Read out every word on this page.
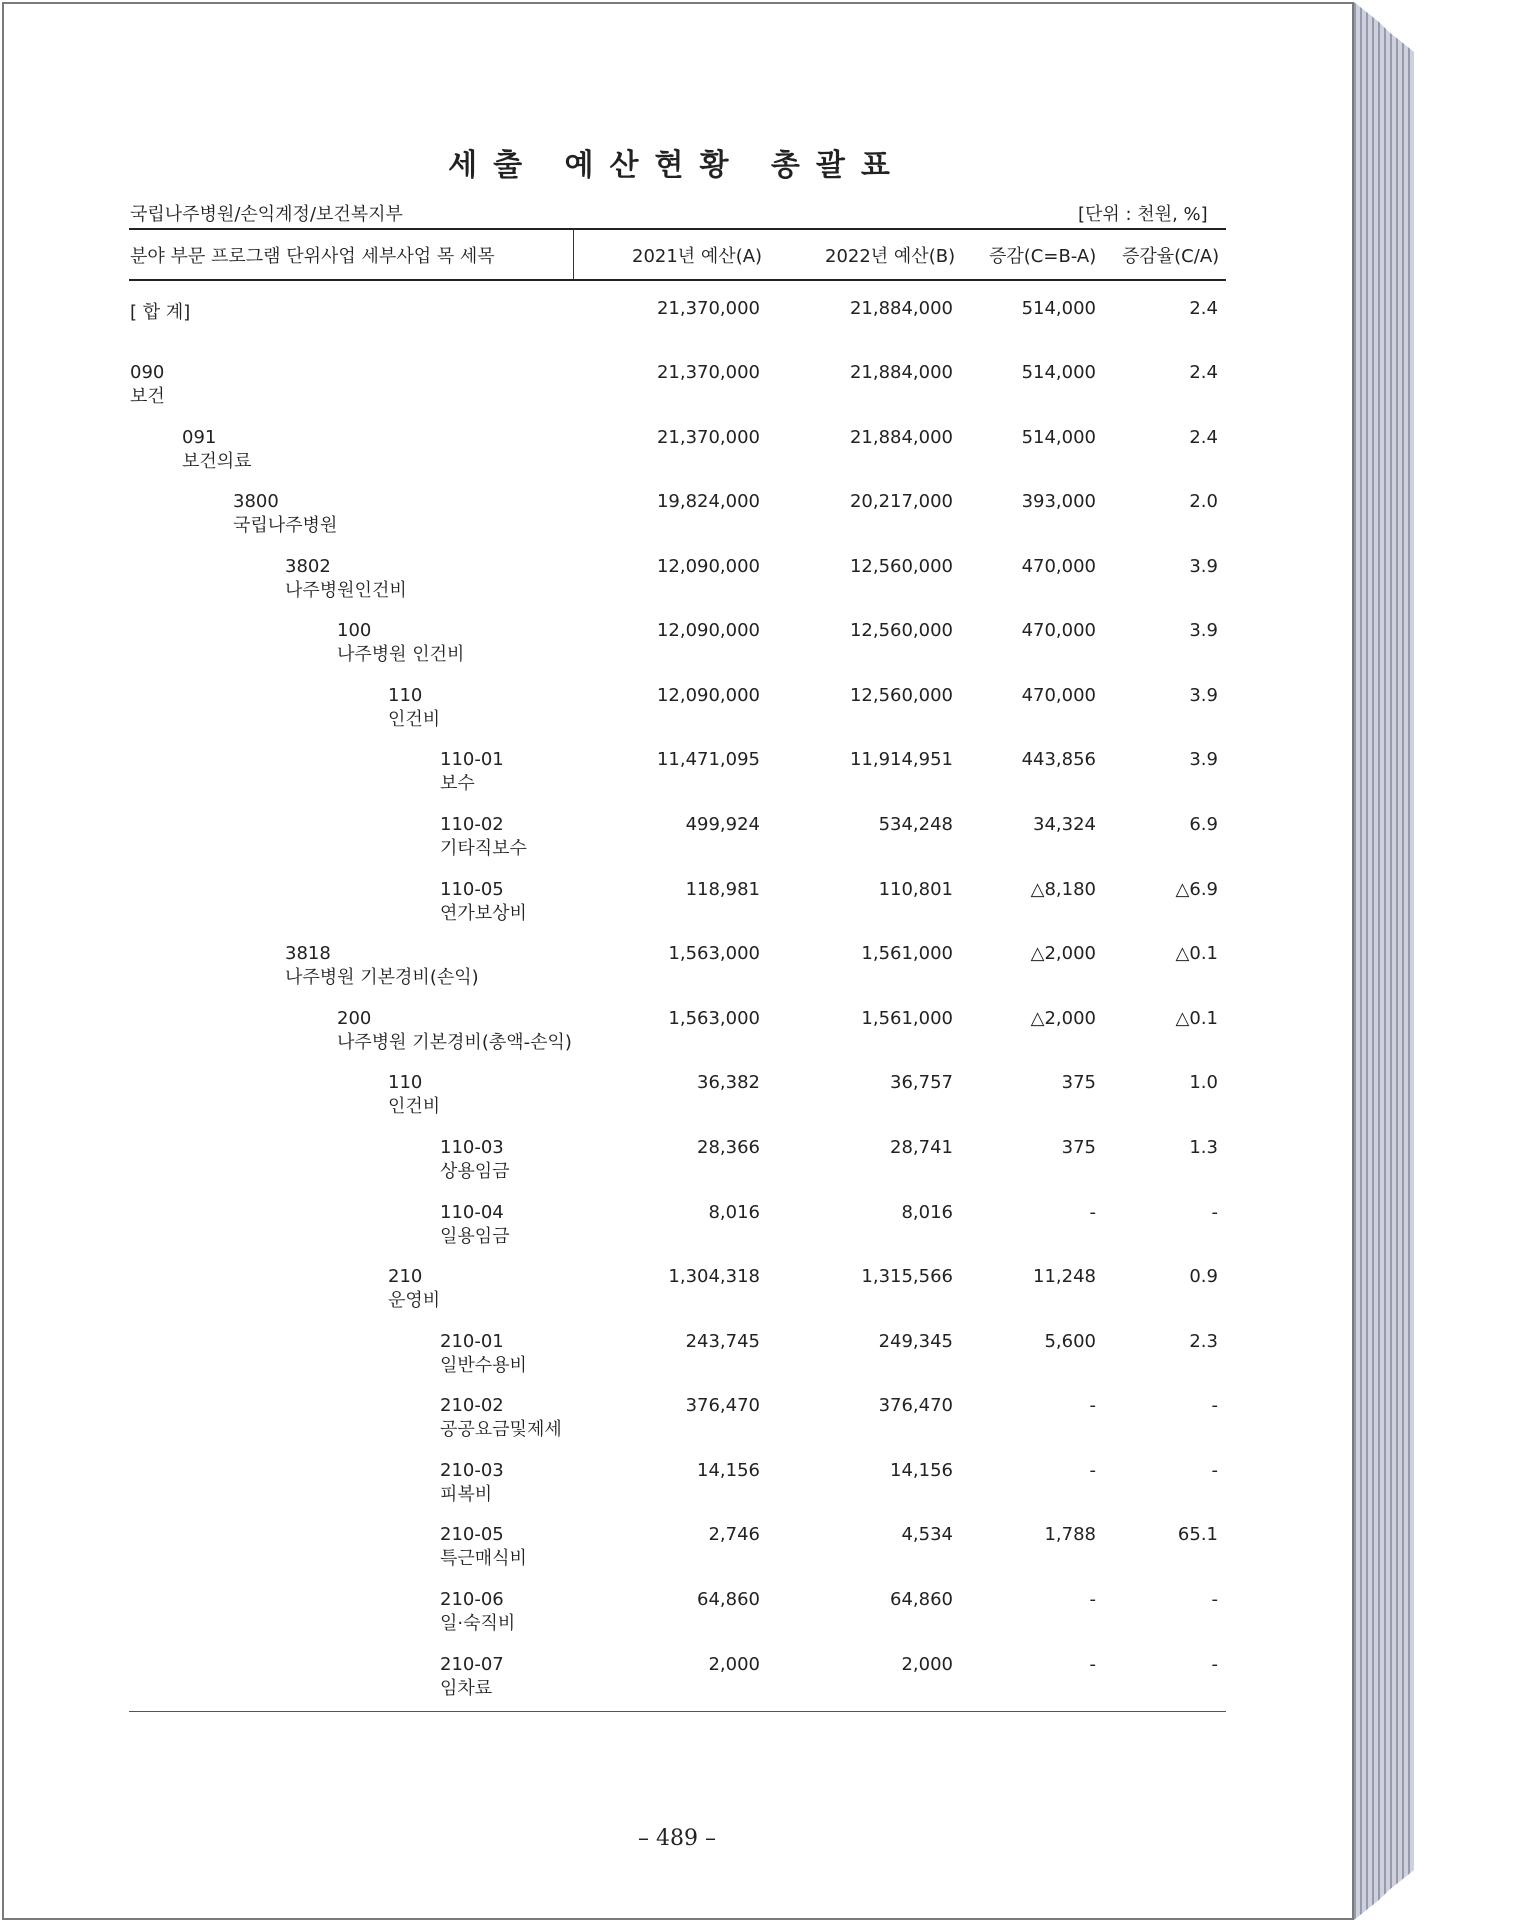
세출 예산현황 총괄표
국립나주병원/손익계정/보건복지부	[단위 : 천원, %]
분야 부문 프로그램 단위사업 세부사업 목 세목	2021년 예산(A)	2022년 예산(B) 증감(C=B-A) 증감율(C/A)
[ 합 계]	21,370,000	21,884,000	514,000	2.4
090
보건
21,370,000	21,884,000	514,000	2.4
091
보건의료
21,370,000	21,884,000	514,000	2.4
3800
국립나주병원
19,824,000	20,217,000	393,000	2.0
3802
나주병원인건비
12,090,000	12,560,000	470,000	3.9
100
나주병원 인건비
12,090,000	12,560,000	470,000	3.9
110
인건비
12,090,000	12,560,000	470,000	3.9
110-01
보수
11,471,095	11,914,951	443,856	3.9
110-02
기타직보수
499,924	534,248	34,324	6.9
110-05
연가보상비
118,981	110,801	△8,180	△6.9
3818
나주병원 기본경비(손익)
1,563,000	1,561,000	△2,000	△0.1
200
나주병원 기본경비(총액-손익)
1,563,000	1,561,000	△2,000	△0.1
110
인건비
36,382	36,757	375	1.0
110-03
상용임금
28,366	28,741	375	1.3
110-04
일용임금
8,016	8,016	-	-
210
운영비
1,304,318	1,315,566	11,248	0.9
210-01
일반수용비
243,745	249,345	5,600	2.3
210-02
공공요금및제세
376,470	376,470	-	-
210-03
피복비
14,156	14,156	-	-
210-05
특근매식비
2,746	4,534	1,788	65.1
210-06
일·숙직비
64,860	64,860	-	-
210-07
임차료
2,000	2,000	-	-
– 489 –
